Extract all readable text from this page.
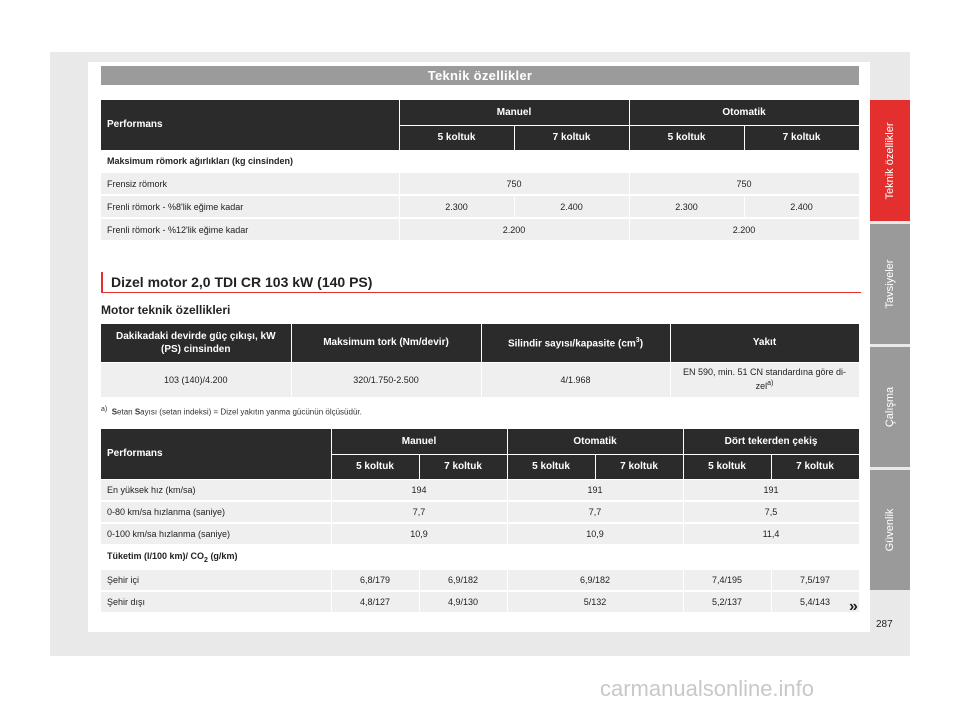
Teknik özellikler
Performans	Manuel		Otomatik	
	5 koltuk	7 koltuk	5 koltuk	7 koltuk
Maksimum römork ağırlıkları (kg cinsinden)				
Frensiz römork	750		750	
Frenli römork - %8'lik eğime kadar	2.300	2.400	2.300	2.400
Frenli römork - %12'lik eğime kadar	2.200		2.200	
Dizel motor 2,0 TDI CR 103 kW (140 PS)
Motor teknik özellikleri
Dakikadaki devirde güç çıkışı, kW (PS) cinsinden	Maksimum tork (Nm/devir)	Silindir sayısı/kapasite $(cm^3)$	Yakıt
103 (140)/4.200	320/1.750-2.500	4/1.968	EN 590, min. 51 CN standardına göre di-zel$^{a)}$
$^{a)}$ Setan Sayısı (setan indeksi) = Dizel yakıtın yanma gücünün ölçüsüdür.
Performans	Manuel		Otomatik		Dört tekerden çekiş	
	5 koltuk	7 koltuk	5 koltuk	7 koltuk	5 koltuk	7 koltuk
En yüksek hız (km/sa)	194		191		191	
0-80 km/sa hızlanma (saniye)	7,7		7,7		7,5	
0-100 km/sa hızlanma (saniye)	10,9		10,9		11,4	
Tüketim (l/100 km)/ $CO_2$ (g/km)						
Şehir içi	6,8/179	6,9/182	6,9/182		7,4/195	7,5/197
Şehir dışı	4,8/127	4,9/130	5/132		5,2/137	5,4/143
Teknik özellikler
Tavsiyeler
Çalışma
Güvenlik
»
287
carmanualsonline.info
